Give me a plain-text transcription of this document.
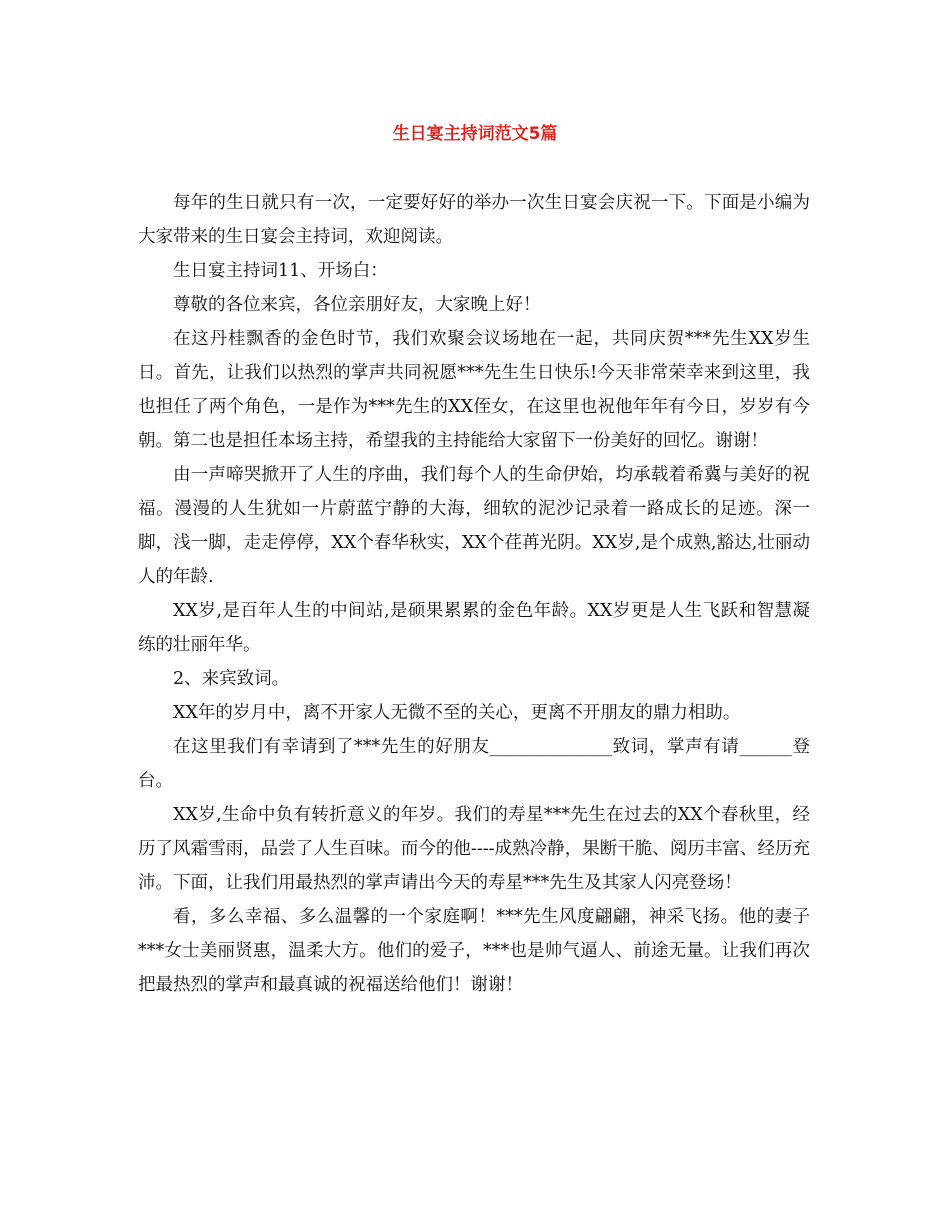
生日宴主持词范文5篇

每年的生日就只有一次，一定要好好的举办一次生日宴会庆祝一下。下面是小编为大家带来的生日宴会主持词，欢迎阅读。

生日宴主持词11、开场白：

尊敬的各位来宾，各位亲朋好友，大家晚上好！

在这丹桂飘香的金色时节，我们欢聚会议场地在一起，共同庆贺***先生XX岁生日。首先，让我们以热烈的掌声共同祝愿***先生生日快乐!今天非常荣幸来到这里，我也担任了两个角色，一是作为***先生的XX侄女，在这里也祝他年年有今日，岁岁有今朝。第二也是担任本场主持，希望我的主持能给大家留下一份美好的回忆。谢谢！

由一声啼哭掀开了人生的序曲，我们每个人的生命伊始，均承载着希冀与美好的祝福。漫漫的人生犹如一片蔚蓝宁静的大海，细软的泥沙记录着一路成长的足迹。深一脚，浅一脚，走走停停，XX个春华秋实，XX个荏苒光阴。XX岁,是个成熟,豁达,壮丽动人的年龄.

XX岁,是百年人生的中间站,是硕果累累的金色年龄。XX岁更是人生飞跃和智慧凝练的壮丽年华。

2、来宾致词。

XX年的岁月中，离不开家人无微不至的关心，更离不开朋友的鼎力相助。

在这里我们有幸请到了***先生的好朋友______________致词，掌声有请______登台。

XX岁,生命中负有转折意义的年岁。我们的寿星***先生在过去的XX个春秋里，经历了风霜雪雨，品尝了人生百味。而今的他----成熟冷静，果断干脆、阅历丰富、经历充沛。下面，让我们用最热烈的掌声请出今天的寿星***先生及其家人闪亮登场！

看，多么幸福、多么温馨的一个家庭啊！***先生风度翩翩，神采飞扬。他的妻子***女士美丽贤惠，温柔大方。他们的爱子，***也是帅气逼人、前途无量。让我们再次把最热烈的掌声和最真诚的祝福送给他们！谢谢！
